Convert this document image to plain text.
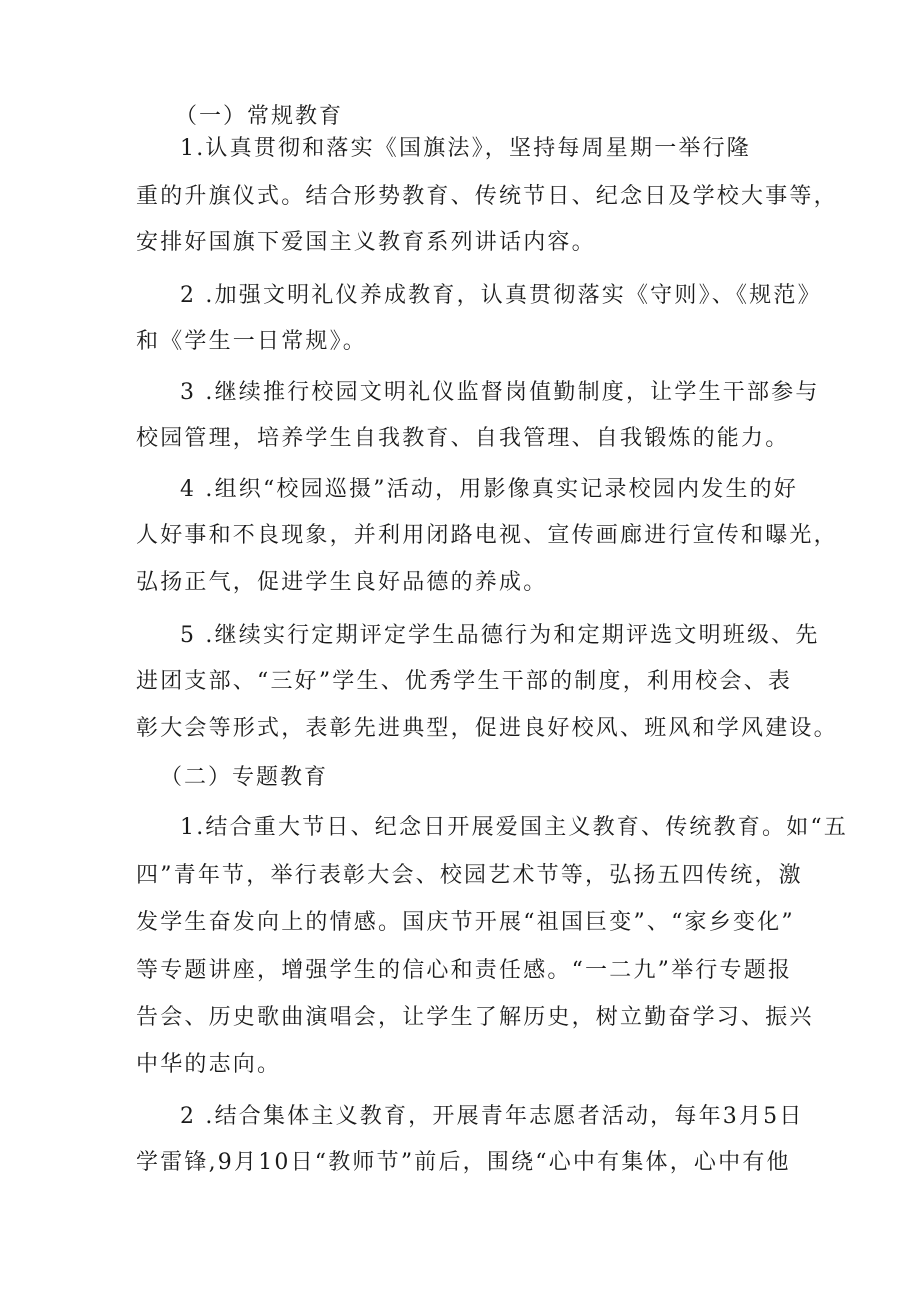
（一）常规教育
1.认真贯彻和落实《国旗法》，坚持每周星期一举行隆
重的升旗仪式。结合形势教育、传统节日、纪念日及学校大事等，
安排好国旗下爱国主义教育系列讲话内容。
2 .加强文明礼仪养成教育，认真贯彻落实《守则》、《规范》
和《学生一日常规》。
3 .继续推行校园文明礼仪监督岗值勤制度，让学生干部参与
校园管理，培养学生自我教育、自我管理、自我锻炼的能力。
4 .组织“校园巡摄”活动，用影像真实记录校园内发生的好
人好事和不良现象，并利用闭路电视、宣传画廊进行宣传和曝光，
弘扬正气，促进学生良好品德的养成。
5 .继续实行定期评定学生品德行为和定期评选文明班级、先
进团支部、“三好”学生、优秀学生干部的制度，利用校会、表
彰大会等形式，表彰先进典型，促进良好校风、班风和学风建设。
（二）专题教育
1.结合重大节日、纪念日开展爱国主义教育、传统教育。如“五
四”青年节，举行表彰大会、校园艺术节等，弘扬五四传统，激
发学生奋发向上的情感。国庆节开展“祖国巨变”、“家乡变化”
等专题讲座，增强学生的信心和责任感。“一二九”举行专题报
告会、历史歌曲演唱会，让学生了解历史，树立勤奋学习、振兴
中华的志向。
2 .结合集体主义教育，开展青年志愿者活动，每年3月5日
学雷锋,9月10日“教师节”前后，围绕“心中有集体，心中有他
